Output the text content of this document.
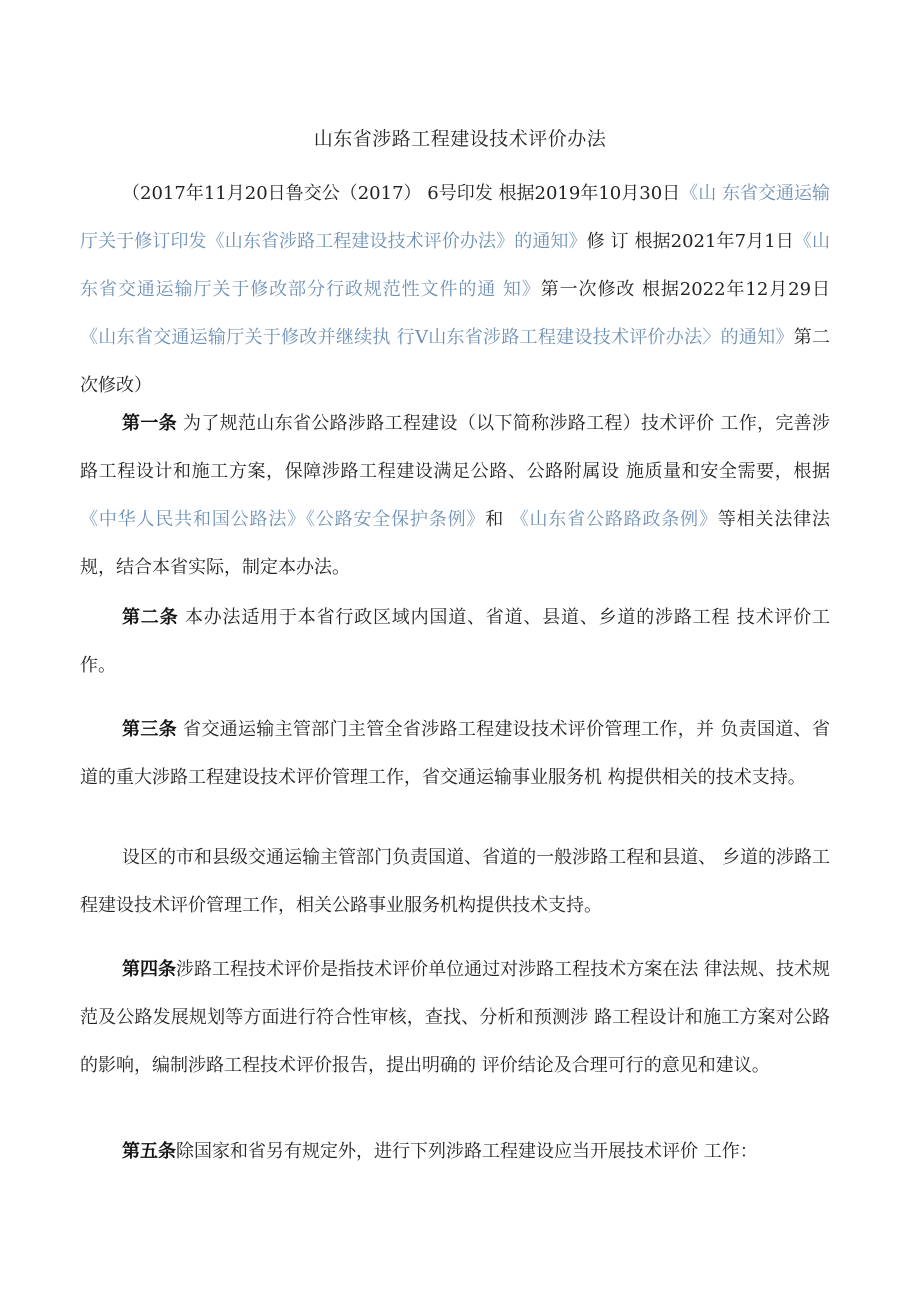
山东省涉路工程建设技术评价办法
（2017年11月20日鲁交公（2017） 6号印发 根据2019年10月30日《山 东省交通运输厅关于修订印发《山东省涉路工程建设技术评价办法》的通知》修 订 根据2021年7月1日《山东省交通运输厅关于修改部分行政规范性文件的通 知》第一次修改 根据2022年12月29日《山东省交通运输厅关于修改并继续执 行V山东省涉路工程建设技术评价办法〉的通知》第二次修改）
第一条 为了规范山东省公路涉路工程建设（以下简称涉路工程）技术评价 工作，完善涉路工程设计和施工方案，保障涉路工程建设满足公路、公路附属设 施质量和安全需要，根据《中华人民共和国公路法》《公路安全保护条例》和 《山东省公路路政条例》等相关法律法规，结合本省实际，制定本办法。
第二条 本办法适用于本省行政区域内国道、省道、县道、乡道的涉路工程 技术评价工作。
第三条 省交通运输主管部门主管全省涉路工程建设技术评价管理工作，并 负责国道、省道的重大涉路工程建设技术评价管理工作，省交通运输事业服务机 构提供相关的技术支持。
设区的市和县级交通运输主管部门负责国道、省道的一般涉路工程和县道、 乡道的涉路工程建设技术评价管理工作，相关公路事业服务机构提供技术支持。
第四条涉路工程技术评价是指技术评价单位通过对涉路工程技术方案在法 律法规、技术规范及公路发展规划等方面进行符合性审核，查找、分析和预测涉 路工程设计和施工方案对公路的影响，编制涉路工程技术评价报告，提出明确的 评价结论及合理可行的意见和建议。
第五条除国家和省另有规定外，进行下列涉路工程建设应当开展技术评价 工作：
